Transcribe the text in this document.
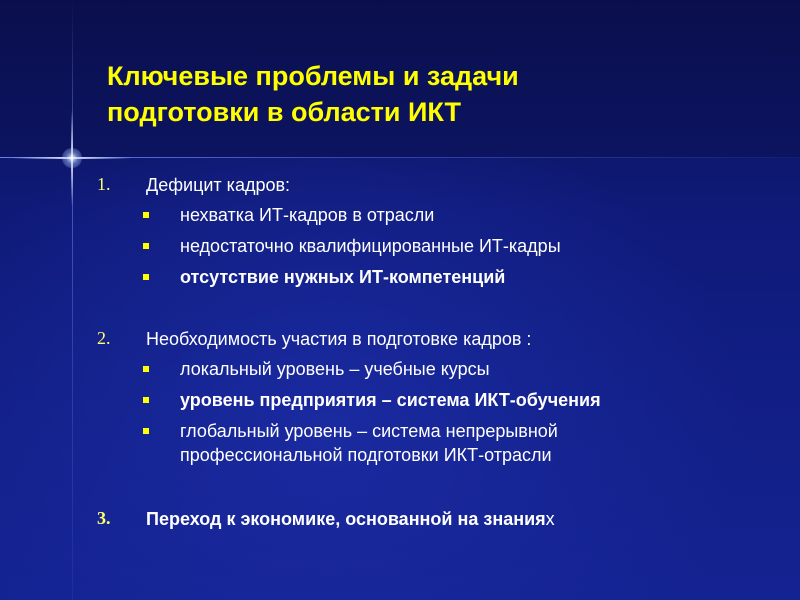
Ключевые проблемы и задачи
подготовки в области ИКТ
1. Дефицит кадров:
нехватка ИТ-кадров в отрасли
недостаточно квалифицированные ИТ-кадры
отсутствие нужных ИТ-компетенций
2. Необходимость участия в подготовке кадров :
локальный уровень – учебные курсы
уровень предприятия – система ИКТ-обучения
глобальный уровень – система непрерывной
профессиональной подготовки ИКТ-отрасли
3. Переход к экономике, основанной на знаниях
